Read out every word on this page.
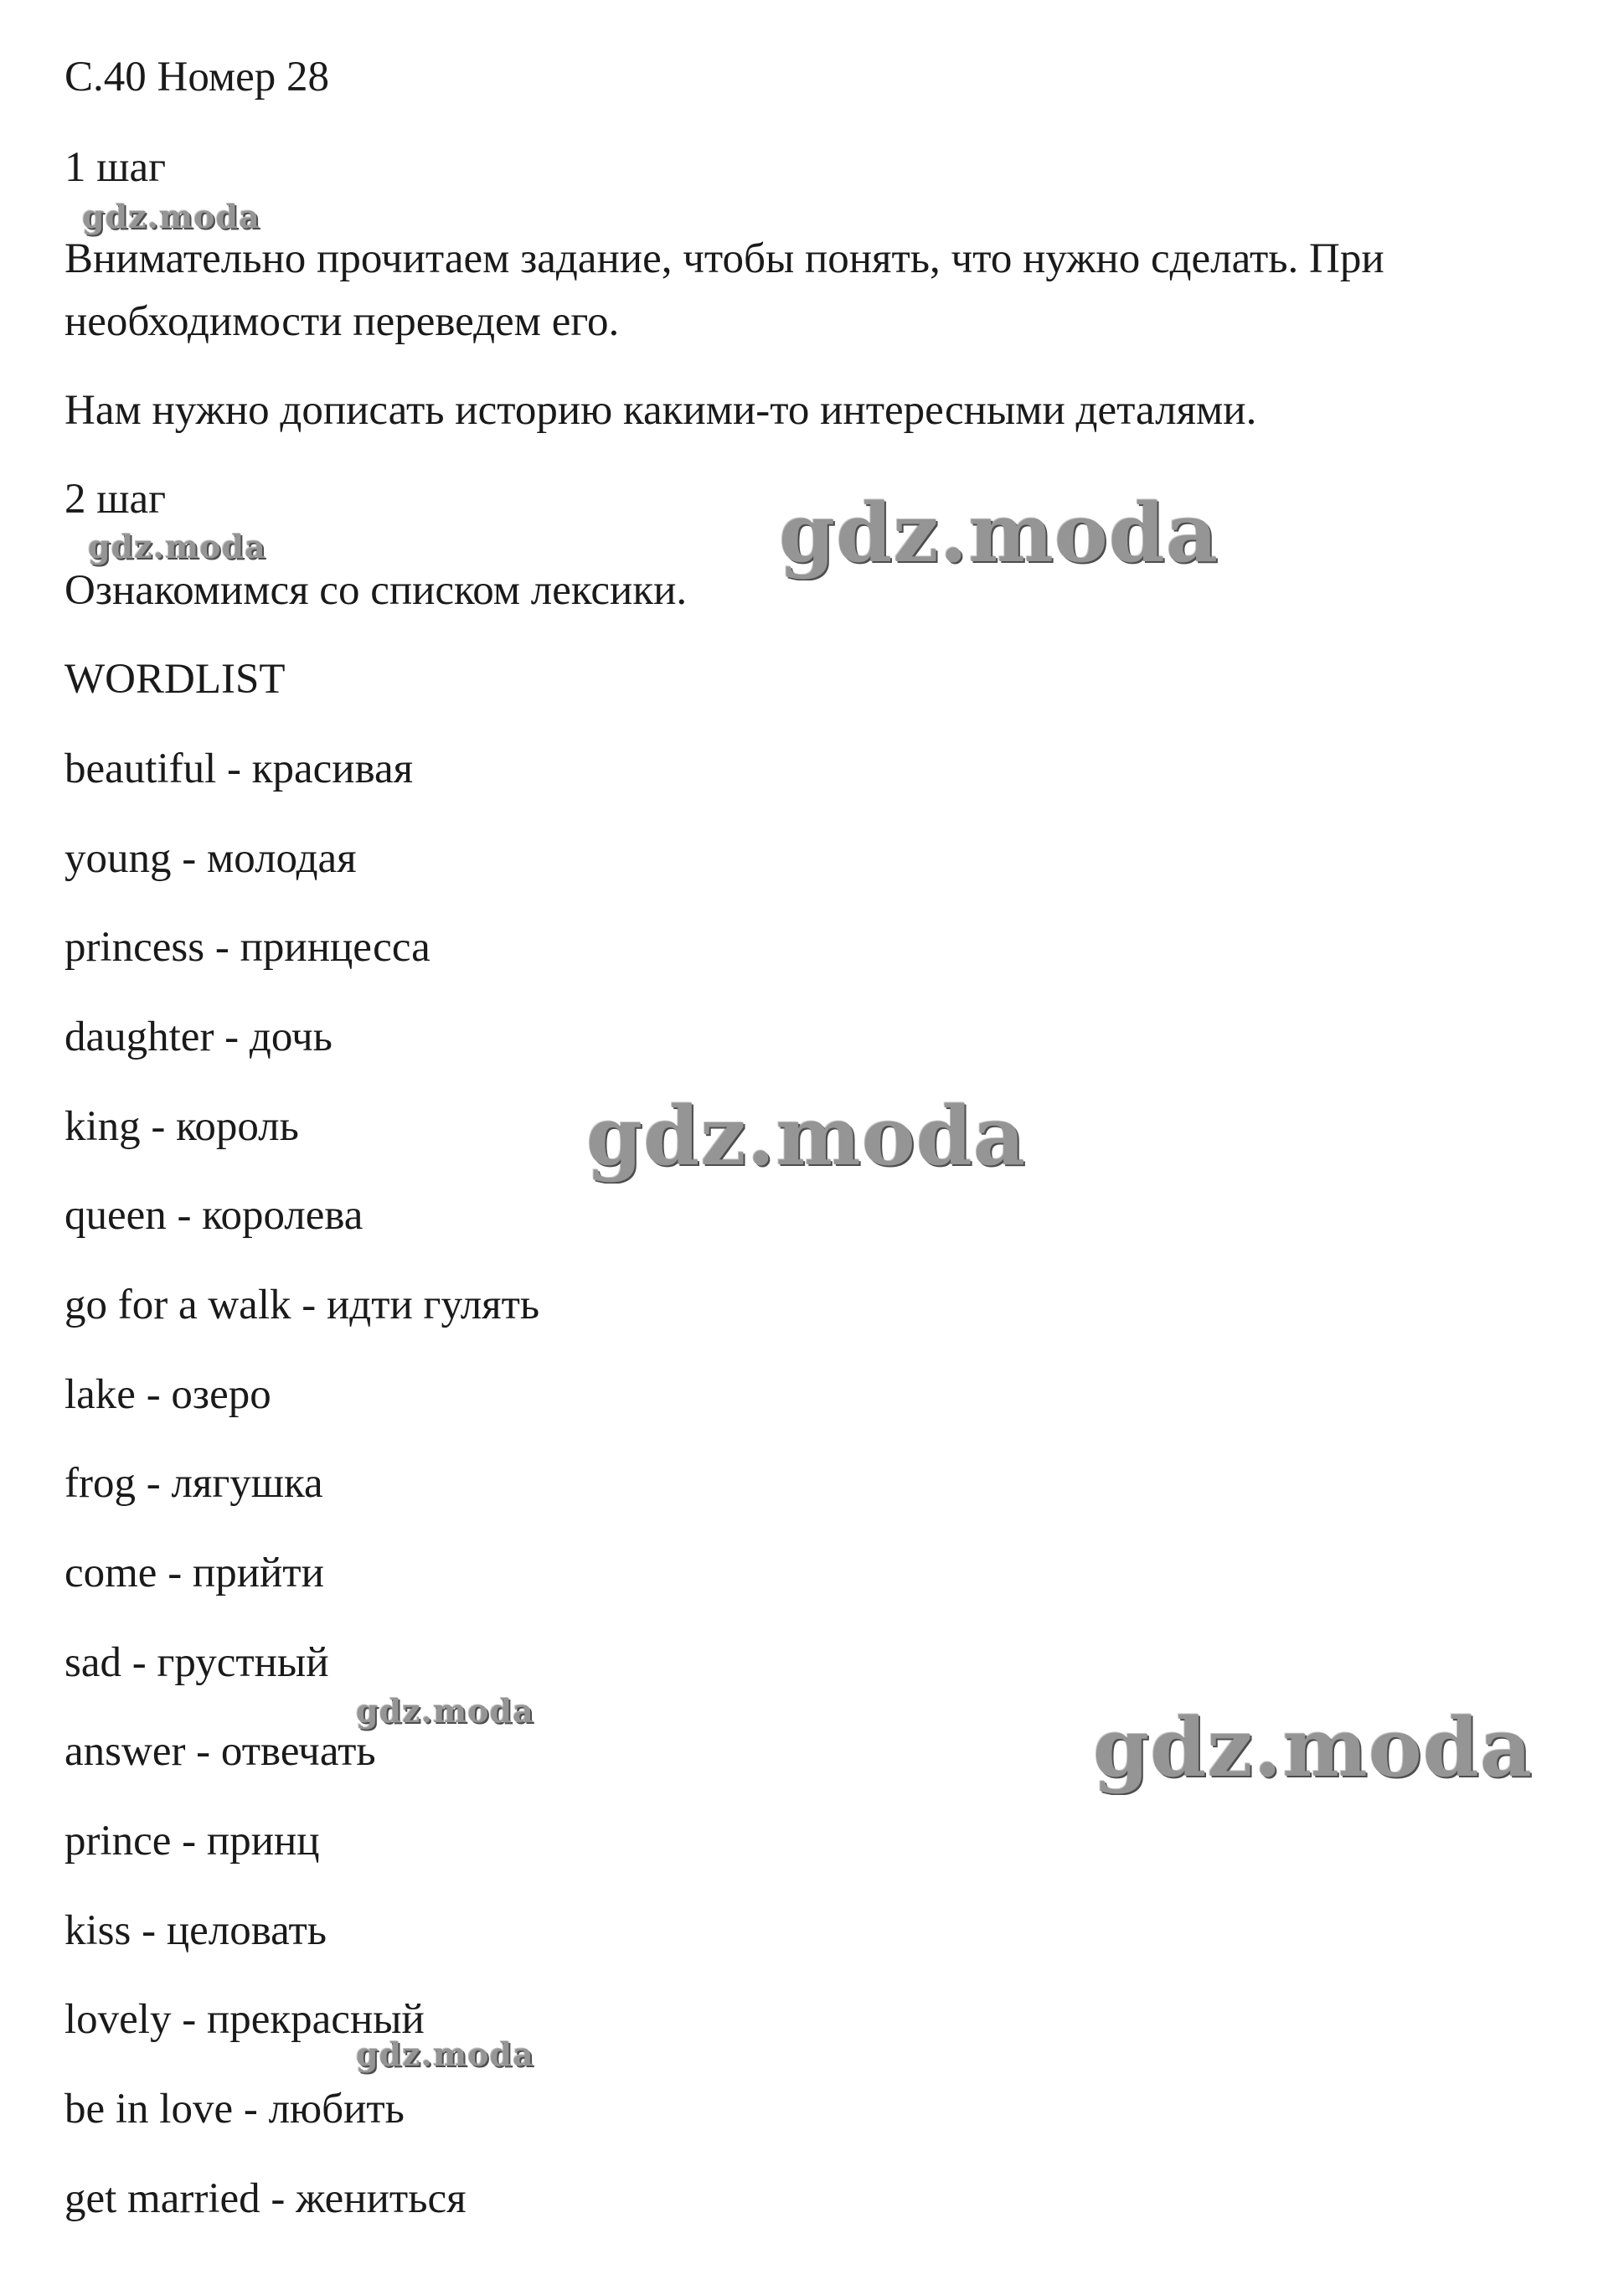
С.40 Номер 28

1 шаг

Внимательно прочитаем задание, чтобы понять, что нужно сделать. При необходимости переведем его.

Нам нужно дописать историю какими-то интересными деталями.

2 шаг

Ознакомимся со списком лексики.

WORDLIST

beautiful - красивая

young - молодая

princess - принцесса

daughter - дочь

king - король

queen - королева

go for a walk - идти гулять

lake - озеро

frog - лягушка

come - прийти

sad - грустный

answer - отвечать

prince - принц

kiss - целовать

lovely - прекрасный

be in love - любить

get married - жениться

gdz.moda
gdz.moda	gdz.moda
gdz.moda
gdz.moda	gdz.moda
gdz.moda
